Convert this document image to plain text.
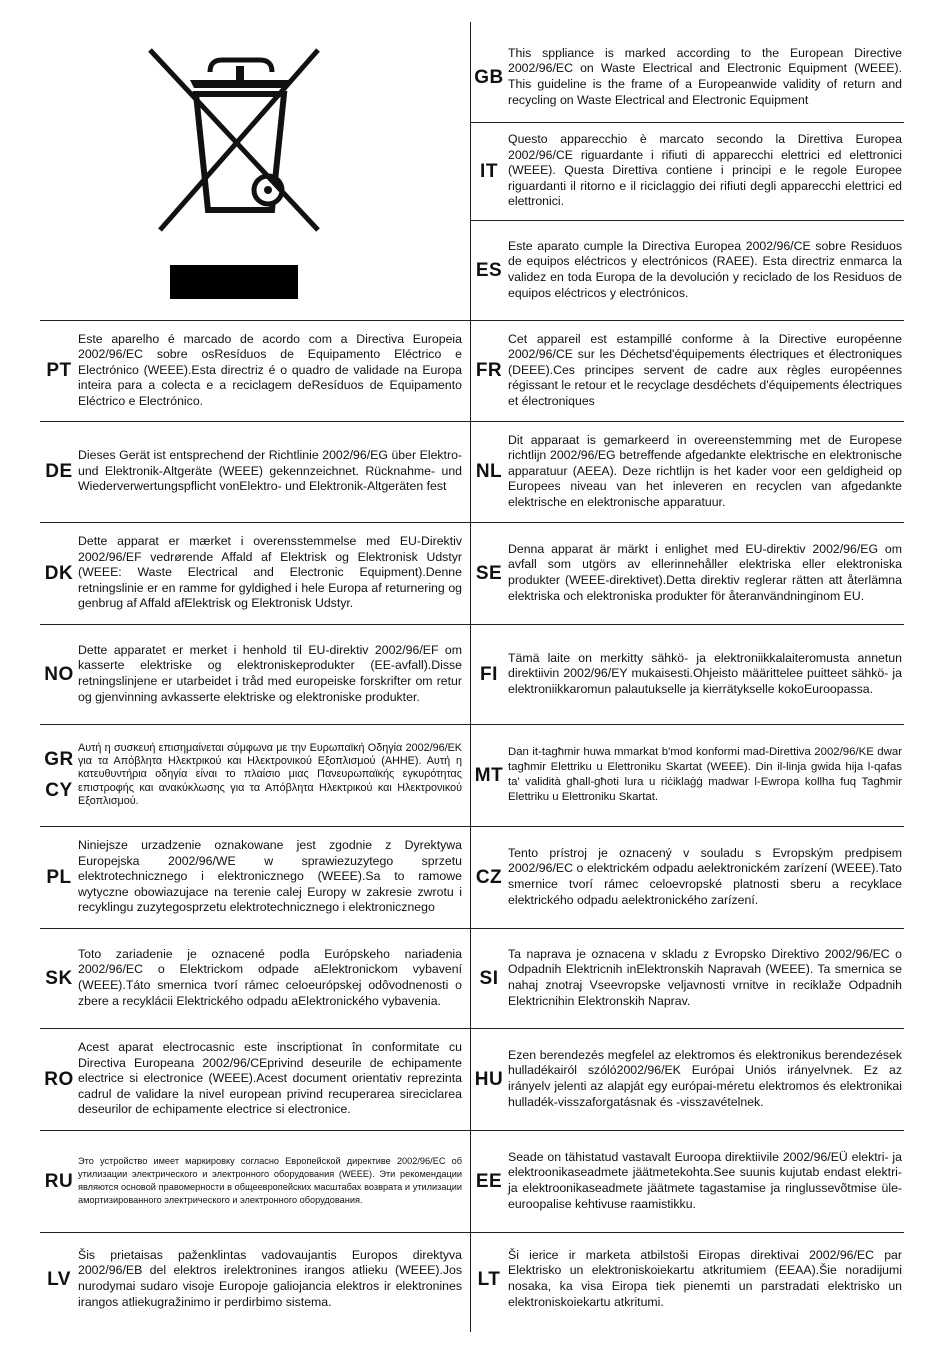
GB
This sppliance is marked according to the European Directive 2002/96/EC on Waste Electrical and Electronic Equipment (WEEE). This guideline is the frame of a Europeanwide validity of return and recycling on Waste Electrical and Electronic Equipment
IT
Questo apparecchio è marcato secondo la Direttiva Europea 2002/96/CE riguardante i rifiuti di apparecchi elettrici ed elettronici (WEEE). Questa Direttiva contiene i principi e le regole Europee riguardanti il ritorno e il riciclaggio dei rifiuti degli apparecchi elettrici ed elettronici.
ES
Este aparato cumple la Directiva Europea 2002/96/CE sobre Residuos de equipos eléctricos y electrónicos (RAEE). Esta directriz enmarca la validez en toda Europa de la devolución y reciclado de los Residuos de equipos eléctricos y electrónicos.
PT
Este aparelho é marcado de acordo com a Directiva Europeia 2002/96/EC sobre osResíduos de Equipamento Eléctrico e Electrónico (WEEE).Esta directriz é o quadro de validade na Europa inteira para a colecta e a reciclagem deResíduos de Equipamento Eléctrico e Electrónico.
FR
Cet appareil est estampillé conforme à la Directive européenne 2002/96/CE sur les Déchetsd'équipements électriques et électroniques (DEEE).Ces principes servent de cadre aux règles européennes régissant le retour et le recyclage desdéchets d'équipements électriques et électroniques
DE
Dieses Gerät ist entsprechend der Richtlinie 2002/96/EG über Elektro- und Elektronik-Altgeräte (WEEE) gekennzeichnet. Rücknahme- und Wiederverwertungspflicht vonElektro- und Elektronik-Altgeräten fest
NL
Dit apparaat is gemarkeerd in overeenstemming met de Europese richtlijn 2002/96/EG betreffende afgedankte elektrische en elektronische apparatuur (AEEA). Deze richtlijn is het kader voor een geldigheid op Europees niveau van het inleveren en recyclen van afgedankte elektrische en elektronische apparatuur.
DK
Dette apparat er mærket i overensstemmelse med EU-Direktiv 2002/96/EF vedrørende Affald af Elektrisk og Elektronisk Udstyr (WEEE: Waste Electrical and Electronic Equipment).Denne retningslinie er en ramme for gyldighed i hele Europa af returnering og genbrug af Affald afElektrisk og Elektronisk Udstyr.
SE
Denna apparat är märkt i enlighet med EU-direktiv 2002/96/EG om avfall som utgörs av ellerinnehåller elektriska eller elektroniska produkter (WEEE-direktivet).Detta direktiv reglerar rätten att återlämna elektriska och elektroniska produkter för återanvändninginom EU.
NO
Dette apparatet er merket i henhold til EU-direktiv 2002/96/EF om kasserte elektriske og elektroniskeprodukter (EE-avfall).Disse retningslinjene er utarbeidet i tråd med europeiske forskrifter om retur og gjenvinning avkasserte elektriske og elektroniske produkter.
FI
Tämä laite on merkitty sähkö- ja elektroniikkalaiteromusta annetun direktiivin 2002/96/EY mukaisesti.Ohjeisto määrittelee puitteet sähkö- ja elektroniikkaromun palautukselle ja kierrätykselle kokoEuroopassa.
GR
CY
Αυτή η συσκευή επισημαίνεται σύμφωνα με την Ευρωπαϊκή Οδηγία 2002/96/ΕΚ για τα Απόβλητα Ηλεκτρικού και Ηλεκτρονικού Εξοπλισμού (ΑΗΗΕ). Αυτή η κατευθυντήρια οδηγία είναι το πλαίσιο μιας Πανευρωπαϊκής εγκυρότητας επιστροφής και ανακύκλωσης για τα Απόβλητα Ηλεκτρικού και Ηλεκτρονικού Εξοπλισμού.
MT
Dan it-tagħmir huwa mmarkat b'mod konformi mad-Direttiva 2002/96/KE dwar tagħmir Elettriku u Elettroniku Skartat (WEEE). Din il-linja gwida hija l-qafas ta' validità għall-għoti lura u riċiklaġġ madwar l-Ewropa kollha fuq Tagħmir Elettriku u Elettroniku Skartat.
PL
Niniejsze urzadzenie oznakowane jest zgodnie z Dyrektywa Europejska 2002/96/WE w sprawiezuzytego sprzetu elektrotechnicznego i elektronicznego (WEEE).Sa to ramowe wytyczne obowiazujace na terenie calej Europy w zakresie zwrotu i recyklingu zuzytegosprzetu elektrotechnicznego i elektronicznego
CZ
Tento prístroj je oznacený v souladu s Evropským predpisem 2002/96/EC o elektrickém odpadu aelektronickém zarízení (WEEE).Tato smernice tvorí rámec celoevropské platnosti sberu a recyklace elektrického odpadu aelektronického zarízení.
SK
Toto zariadenie je oznacené podla Európskeho nariadenia 2002/96/EC o Elektrickom odpade aElektronickom vybavení (WEEE).Táto smernica tvorí rámec celoeurópskej odôvodnenosti o zbere a recyklácii Elektrického odpadu aElektronického vybavenia.
SI
Ta naprava je oznacena v skladu z Evropsko Direktivo 2002/96/EC o Odpadnih Elektricnih inElektronskih Napravah (WEEE). Ta smernica se nahaj znotraj Vseevropske veljavnosti vrnitve in reciklaže Odpadnih Elektricnihin Elektronskih Naprav.
RO
Acest aparat electrocasnic este inscriptionat în conformitate cu Directiva Europeana 2002/96/CEprivind deseurile de echipamente electrice si electronice (WEEE).Acest document orientativ reprezinta cadrul de validare la nivel european privind recuperarea sireciclarea deseurilor de echipamente electrice si electronice.
HU
Ezen berendezés megfelel az elektromos és elektronikus berendezések hulladékairól szóló2002/96/EK Európai Uniós irányelvnek. Ez az irányelv jelenti az alapját egy európai-méretu elektromos és elektronikai hulladék-visszaforgatásnak és -visszavételnek.
RU
Это устройство имеет маркировку согласно Европейской директиве 2002/96/EC об утилизации электрического и электронного оборудования (WEEE). Эти рекомендации являются основой правомерности в общеевропейских масштабах возврата и утилизации амортизированного электрического и электронного оборудования.
EE
Seade on tähistatud vastavalt Euroopa direktiivile 2002/96/EÜ elektri- ja elektroonikaseadmete jäätmetekohta.See suunis kujutab endast elektri- ja elektroonikaseadmete jäätmete tagastamise ja ringlussevõtmise üle-euroopalise kehtivuse raamistikku.
LV
Šis prietaisas paženklintas vadovaujantis Europos direktyva 2002/96/EB del elektros irelektronines irangos atlieku (WEEE).Jos nurodymai sudaro visoje Europoje galiojancia elektros ir elektronines irangos atliekugražinimo ir perdirbimo sistema.
LT
Ši ierice ir marketa atbilstoši Eiropas direktivai 2002/96/EC par Elektrisko un elektroniskoiekartu atkritumiem (EEAA).Šie noradijumi nosaka, ka visa Eiropa tiek pienemti un parstradati elektrisko un elektroniskoiekartu atkritumi.
